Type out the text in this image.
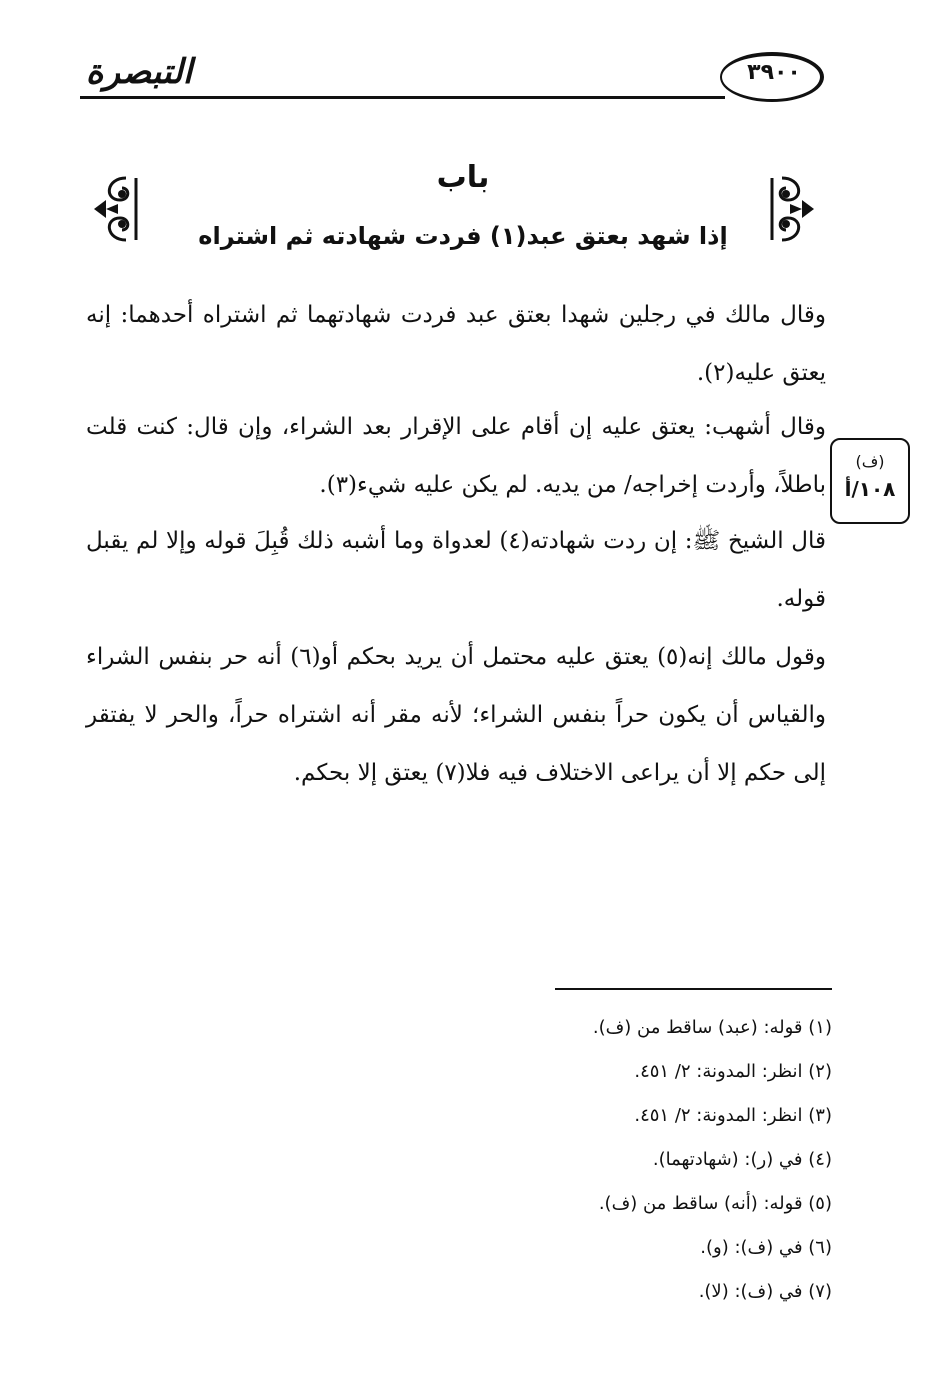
٣٩٠٠
التبصرة
باب
إذا شهد بعتق عبد(١) فردت شهادته ثم اشتراه
وقال مالك في رجلين شهدا بعتق عبد فردت شهادتهما ثم اشتراه أحدهما: إنه يعتق عليه(٢).
وقال أشهب: يعتق عليه إن أقام على الإقرار بعد الشراء، وإن قال: كنت قلت باطلاً، وأردت إخراجه/ من يديه. لم يكن عليه شيء(٣).
قال الشيخ ﷺ: إن ردت شهادته(٤) لعدواة وما أشبه ذلك قُبِلَ قوله وإلا لم يقبل قوله.
وقول مالك إنه(٥) يعتق عليه محتمل أن يريد بحكم أو(٦) أنه حر بنفس الشراء والقياس أن يكون حراً بنفس الشراء؛ لأنه مقر أنه اشتراه حراً، والحر لا يفتقر إلى حكم إلا أن يراعى الاختلاف فيه فلا(٧) يعتق إلا بحكم.
(ف)
١٠٨/أ
(١) قوله: (عبد) ساقط من (ف).
(٢) انظر: المدونة: ٢/ ٤٥١.
(٣) انظر: المدونة: ٢/ ٤٥١.
(٤) في (ر): (شهادتهما).
(٥) قوله: (أنه) ساقط من (ف).
(٦) في (ف): (و).
(٧) في (ف): (لا).
